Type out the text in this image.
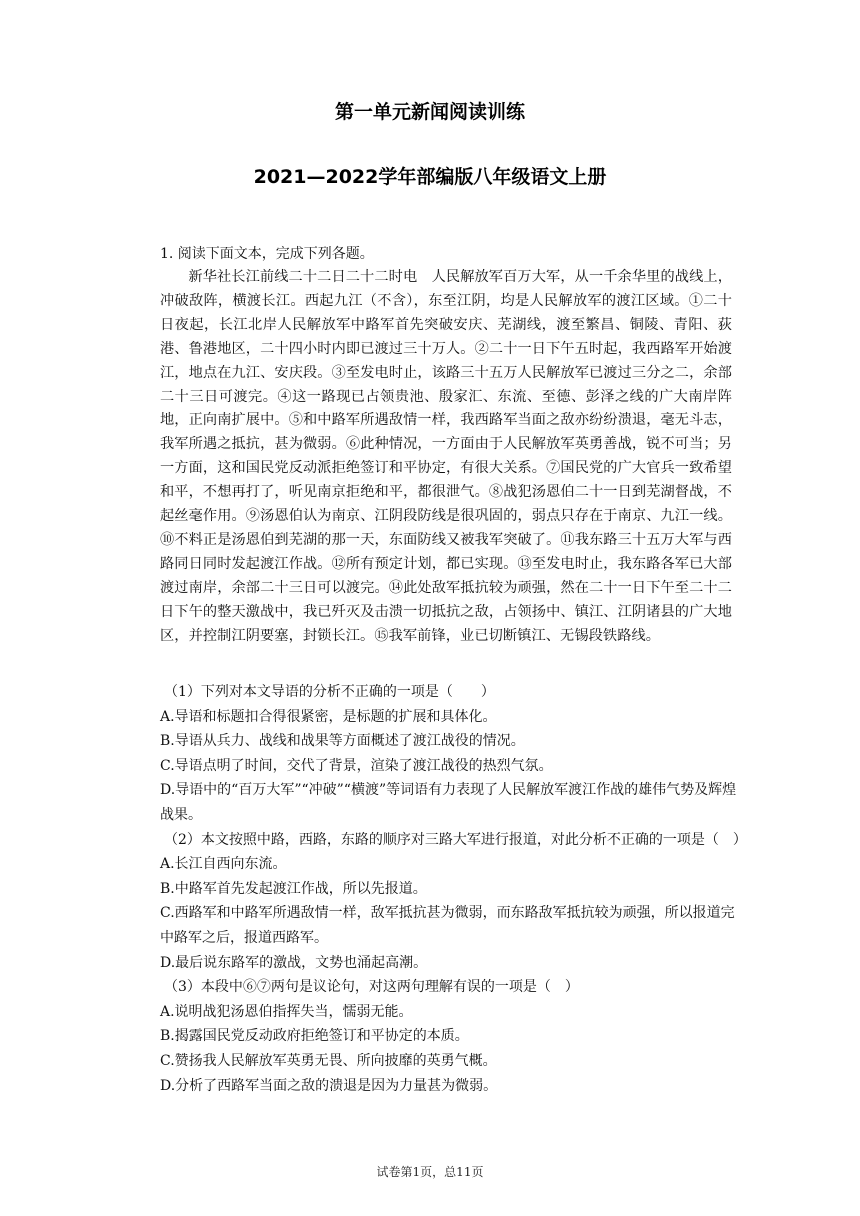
第一单元新闻阅读训练
2021—2022学年部编版八年级语文上册
1. 阅读下面文本，完成下列各题。
新华社长江前线二十二日二十二时电　人民解放军百万大军，从一千余华里的战线上，冲破敌阵，横渡长江。西起九江（不含），东至江阴，均是人民解放军的渡江区域。①二十日夜起，长江北岸人民解放军中路军首先突破安庆、芜湖线，渡至繁昌、铜陵、青阳、荻港、鲁港地区，二十四小时内即已渡过三十万人。②二十一日下午五时起，我西路军开始渡江，地点在九江、安庆段。③至发电时止，该路三十五万人民解放军已渡过三分之二，余部二十三日可渡完。④这一路现已占领贵池、殷家汇、东流、至德、彭泽之线的广大南岸阵地，正向南扩展中。⑤和中路军所遇敌情一样，我西路军当面之敌亦纷纷溃退，毫无斗志，我军所遇之抵抗，甚为微弱。⑥此种情况，一方面由于人民解放军英勇善战，锐不可当；另一方面，这和国民党反动派拒绝签订和平协定，有很大关系。⑦国民党的广大官兵一致希望和平，不想再打了，听见南京拒绝和平，都很泄气。⑧战犯汤恩伯二十一日到芜湖督战，不起丝毫作用。⑨汤恩伯认为南京、江阴段防线是很巩固的，弱点只存在于南京、九江一线。⑩不料正是汤恩伯到芜湖的那一天，东面防线又被我军突破了。⑪我东路三十五万大军与西路同日同时发起渡江作战。⑫所有预定计划，都已实现。⑬至发电时止，我东路各军已大部渡过南岸，余部二十三日可以渡完。⑭此处敌军抵抗较为顽强，然在二十一日下午至二十二日下午的整天激战中，我已歼灭及击溃一切抵抗之敌，占领扬中、镇江、江阴诸县的广大地区，并控制江阴要塞，封锁长江。⑮我军前锋，业已切断镇江、无锡段铁路线。

（1）下列对本文导语的分析不正确的一项是（　　）

A.导语和标题扣合得很紧密，是标题的扩展和具体化。

B.导语从兵力、战线和战果等方面概述了渡江战役的情况。

C.导语点明了时间，交代了背景，渲染了渡江战役的热烈气氛。

D.导语中的“百万大军”“冲破”“横渡”等词语有力表现了人民解放军渡江作战的雄伟气势及辉煌战果。

（2）本文按照中路，西路，东路的顺序对三路大军进行报道，对此分析不正确的一项是（　）

A.长江自西向东流。

B.中路军首先发起渡江作战，所以先报道。

C.西路军和中路军所遇敌情一样，敌军抵抗甚为微弱，而东路敌军抵抗较为顽强，所以报道完中路军之后，报道西路军。

D.最后说东路军的激战，文势也涌起高潮。

（3）本段中⑥⑦两句是议论句，对这两句理解有误的一项是（　）

A.说明战犯汤恩伯指挥失当，懦弱无能。

B.揭露国民党反动政府拒绝签订和平协定的本质。

C.赞扬我人民解放军英勇无畏、所向披靡的英勇气概。

D.分析了西路军当面之敌的溃退是因为力量甚为微弱。

试卷第1页，总11页
